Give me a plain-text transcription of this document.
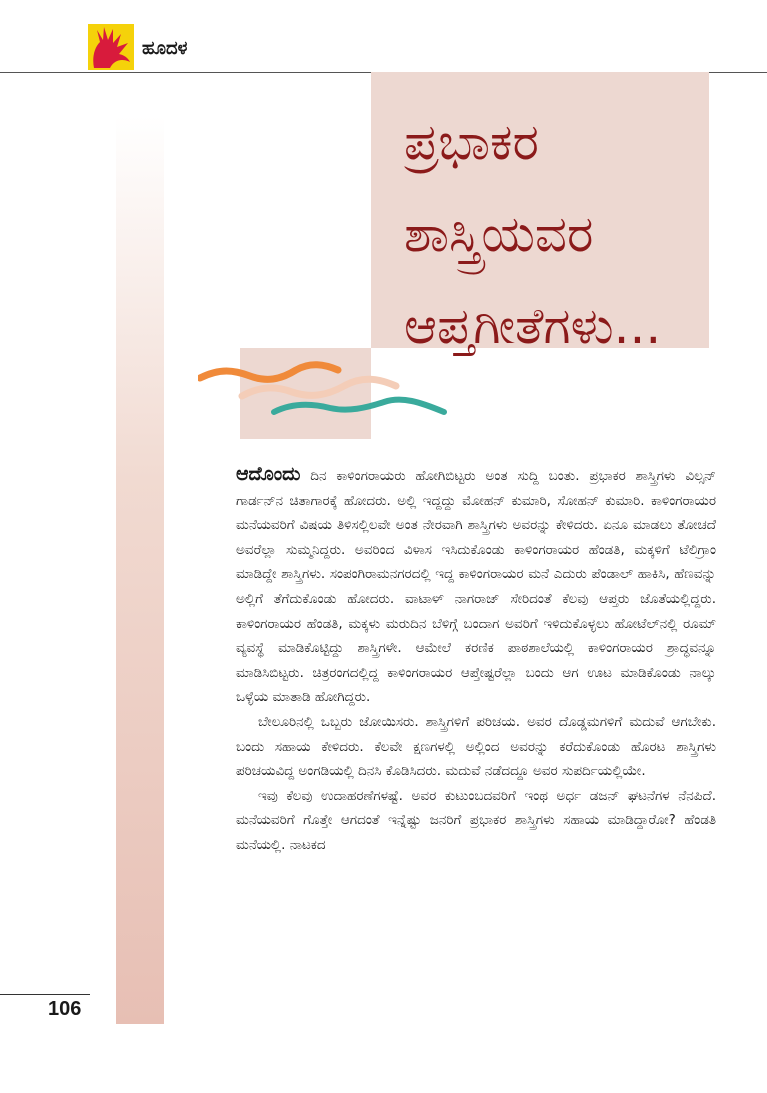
ಹೂದಳ
ಪ್ರಭಾಕರ
ಶಾಸ್ತ್ರಿಯವರ
ಆಪ್ತಗೀತೆಗಳು...

ಆದೊಂದು ದಿನ ಕಾಳಿಂಗರಾಯರು ಹೋಗಿಬಿಟ್ಟರು ಅಂತ ಸುದ್ದಿ ಬಂತು. ಪ್ರಭಾಕರ ಶಾಸ್ತ್ರಿಗಳು ವಿಲ್ಸನ್ ಗಾರ್ಡನ್‌ನ ಚಿತಾಗಾರಕ್ಕೆ ಹೋದರು. ಅಲ್ಲಿ ಇದ್ದದ್ದು ಮೋಹನ್ ಕುಮಾರಿ, ಸೋಹನ್ ಕುಮಾರಿ. ಕಾಳಿಂಗರಾಯರ ಮನೆಯವರಿಗೆ ವಿಷಯ ತಿಳಿಸಲ್ಲಿಲವೇ ಅಂತ ನೇರವಾಗಿ ಶಾಸ್ತ್ರಿಗಳು ಅವರನ್ನು ಕೇಳಿದರು. ಏನೂ ಮಾಡಲು ತೋಚದೆ ಅವರೆಲ್ಲಾ ಸುಮ್ಮನಿದ್ದರು. ಅವರಿಂದ ವಿಳಾಸ ಇಸಿದುಕೊಂಡು ಕಾಳಿಂಗರಾಯರ ಹೆಂಡತಿ, ಮಕ್ಕಳಿಗೆ ಟೆಲಿಗ್ರಾಂ ಮಾಡಿದ್ದೇ ಶಾಸ್ತ್ರಿಗಳು. ಸಂಪಂಗಿರಾಮನಗರದಲ್ಲಿ ಇದ್ದ ಕಾಳಿಂಗರಾಯರ ಮನೆ ಎದುರು ಪೆಂಡಾಲ್ ಹಾಕಿಸಿ, ಹೆಣವನ್ನು ಅಲ್ಲಿಗೆ ತೆಗೆದುಕೊಂಡು ಹೋದರು. ವಾಟಾಳ್ ನಾಗರಾಜ್ ಸೇರಿದಂತೆ ಕೆಲವು ಆಪ್ತರು ಜೊತೆಯಲ್ಲಿದ್ದರು. ಕಾಳಿಂಗರಾಯರ ಹೆಂಡತಿ, ಮಕ್ಕಳು ಮರುದಿನ ಬೆಳಿಗ್ಗೆ ಬಂದಾಗ ಅವರಿಗೆ ಇಳಿದುಕೊಳ್ಳಲು ಹೋಟೆಲ್‌ನಲ್ಲಿ ರೂಮ್ ವ್ಯವಸ್ಥೆ ಮಾಡಿಕೊಟ್ಟಿದ್ದು ಶಾಸ್ತ್ರಿಗಳೇ. ಆಮೇಲೆ ಕರಣಿಕ ಪಾಠಶಾಲೆಯಲ್ಲಿ ಕಾಳಿಂಗರಾಯರ ಶ್ರಾದ್ಧವನ್ನೂ ಮಾಡಿಸಿಬಿಟ್ಟರು. ಚಿತ್ರರಂಗದಲ್ಲಿದ್ದ ಕಾಳಿಂಗರಾಯರ ಆಪ್ತೇಷ್ಟರೆಲ್ಲಾ ಬಂದು ಆಗ ಊಟ ಮಾಡಿಕೊಂಡು ನಾಲ್ಕು ಒಳ್ಳೆಯ ಮಾತಾಡಿ ಹೋಗಿದ್ದರು.

ಬೇಲೂರಿನಲ್ಲಿ ಒಬ್ಬರು ಜೋಯಿಸರು. ಶಾಸ್ತ್ರಿಗಳಿಗೆ ಪರಿಚಯ. ಅವರ ದೊಡ್ಡಮಗಳಿಗೆ ಮದುವೆ ಆಗಬೇಕು. ಬಂದು ಸಹಾಯ ಕೇಳಿದರು. ಕೆಲವೇ ಕ್ಷಣಗಳಲ್ಲಿ ಅಲ್ಲಿಂದ ಅವರನ್ನು ಕರೆದುಕೊಂಡು ಹೊರಟ ಶಾಸ್ತ್ರಿಗಳು ಪರಿಚಯವಿದ್ದ ಅಂಗಡಿಯಲ್ಲಿ ದಿನಸಿ ಕೊಡಿಸಿದರು. ಮದುವೆ ನಡೆದದ್ದೂ ಅವರ ಸುಪರ್ದಿಯಲ್ಲಿಯೇ.

ಇವು ಕೆಲವು ಉದಾಹರಣೆಗಳಷ್ಟೆ. ಅವರ ಕುಟುಂಬದವರಿಗೆ ಇಂಥ ಅರ್ಧ ಡಜನ್ ಘಟನೆಗಳ ನೆನಪಿದೆ. ಮನೆಯವರಿಗೆ ಗೊತ್ತೇ ಆಗದಂತೆ ಇನ್ನೆಷ್ಟು ಜನರಿಗೆ ಪ್ರಭಾಕರ ಶಾಸ್ತ್ರಿಗಳು ಸಹಾಯ ಮಾಡಿದ್ದಾರೋ? ಹೆಂಡತಿ ಮನೆಯಲ್ಲಿ. ನಾಟಕದ

106
